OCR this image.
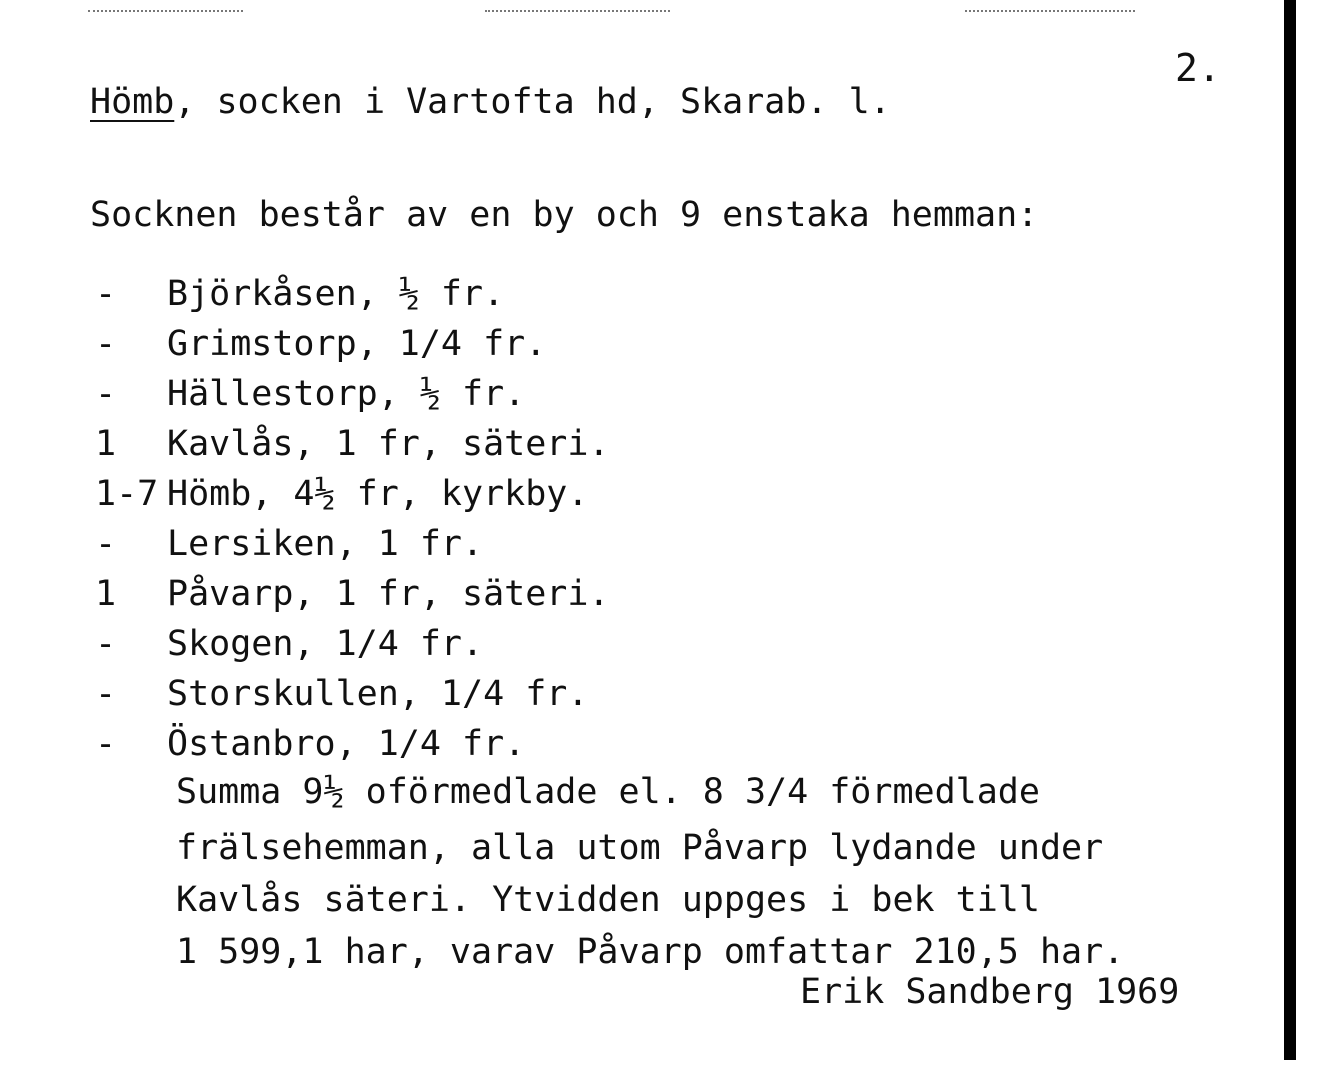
2.
Hömb, socken i Vartofta hd, Skarab. l.
Socknen består av en by och 9 enstaka hemman:
- Björkåsen, ½ fr.
- Grimstorp, 1/4 fr.
- Hällestorp, ½ fr.
1 Kavlås, 1 fr, säteri.
1-7 Hömb, 4½ fr, kyrkby.
- Lersiken, 1 fr.
1 Påvarp, 1 fr, säteri.
- Skogen, 1/4 fr.
- Storskullen, 1/4 fr.
- Östanbro, 1/4 fr.
Summa 9½ oförmedlade el. 8 3/4 förmedlade
frälsehemman, alla utom Påvarp lydande under
Kavlås säteri. Ytvidden uppges i bek till
1 599,1 har, varav Påvarp omfattar 210,5 har.
Erik Sandberg 1969
